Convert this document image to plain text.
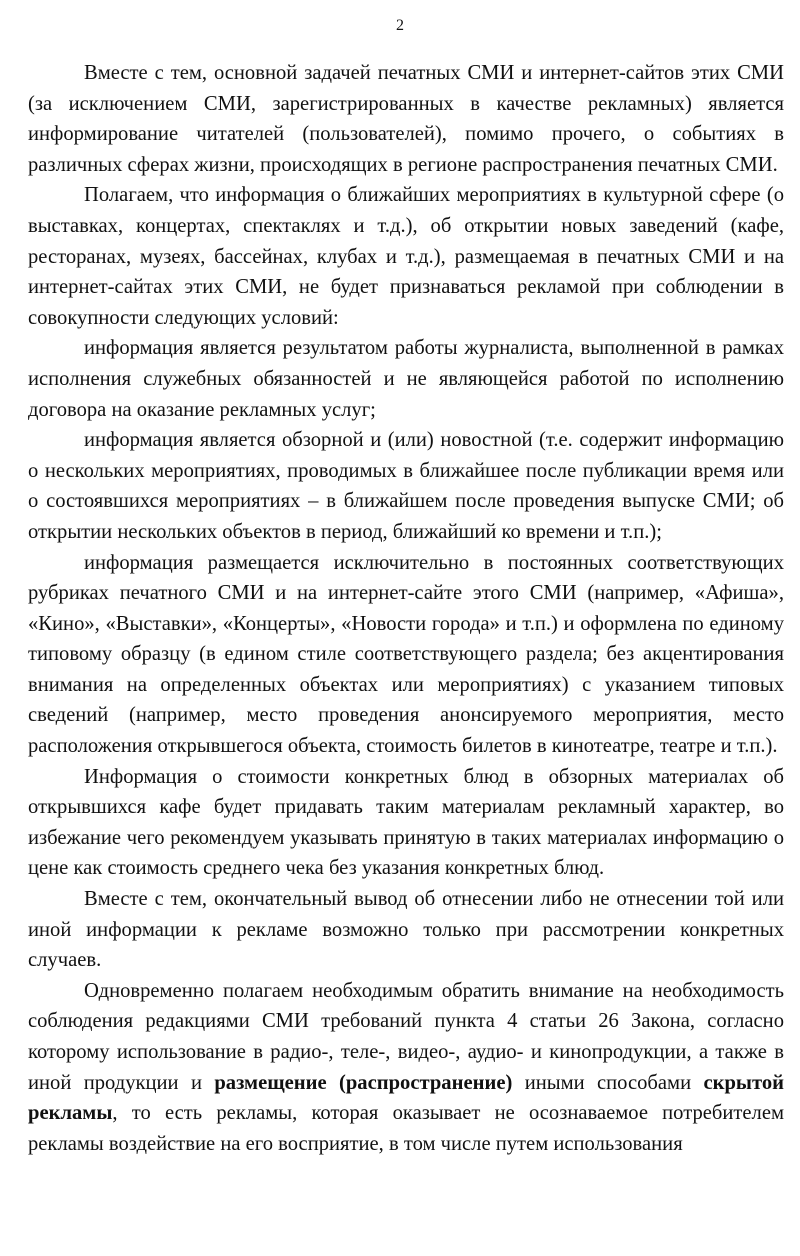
2

Вместе с тем, основной задачей печатных СМИ и интернет-сайтов этих СМИ (за исключением СМИ, зарегистрированных в качестве рекламных) является информирование читателей (пользователей), помимо прочего, о событиях в различных сферах жизни, происходящих в регионе распространения печатных СМИ.

Полагаем, что информация о ближайших мероприятиях в культурной сфере (о выставках, концертах, спектаклях и т.д.), об открытии новых заведений (кафе, ресторанах, музеях, бассейнах, клубах и т.д.), размещаемая в печатных СМИ и на интернет-сайтах этих СМИ, не будет признаваться рекламой при соблюдении в совокупности следующих условий:

информация является результатом работы журналиста, выполненной в рамках исполнения служебных обязанностей и не являющейся работой по исполнению договора на оказание рекламных услуг;

информация является обзорной и (или) новостной (т.е. содержит информацию о нескольких мероприятиях, проводимых в ближайшее после публикации время или о состоявшихся мероприятиях – в ближайшем после проведения выпуске СМИ; об открытии нескольких объектов в период, ближайший ко времени и т.п.);

информация размещается исключительно в постоянных соответствующих рубриках печатного СМИ и на интернет-сайте этого СМИ (например, «Афиша», «Кино», «Выставки», «Концерты», «Новости города» и т.п.) и оформлена по единому типовому образцу (в едином стиле соответствующего раздела; без акцентирования внимания на определенных объектах или мероприятиях) с указанием типовых сведений (например, место проведения анонсируемого мероприятия, место расположения открывшегося объекта, стоимость билетов в кинотеатре, театре и т.п.).

Информация о стоимости конкретных блюд в обзорных материалах об открывшихся кафе будет придавать таким материалам рекламный характер, во избежание чего рекомендуем указывать принятую в таких материалах информацию о цене как стоимость среднего чека без указания конкретных блюд.

Вместе с тем, окончательный вывод об отнесении либо не отнесении той или иной информации к рекламе возможно только при рассмотрении конкретных случаев.

Одновременно полагаем необходимым обратить внимание на необходимость соблюдения редакциями СМИ требований пункта 4 статьи 26 Закона, согласно которому использование в радио-, теле-, видео-, аудио- и кинопродукции, а также в иной продукции и размещение (распространение) иными способами скрытой рекламы, то есть рекламы, которая оказывает не осознаваемое потребителем рекламы воздействие на его восприятие, в том числе путем использования
